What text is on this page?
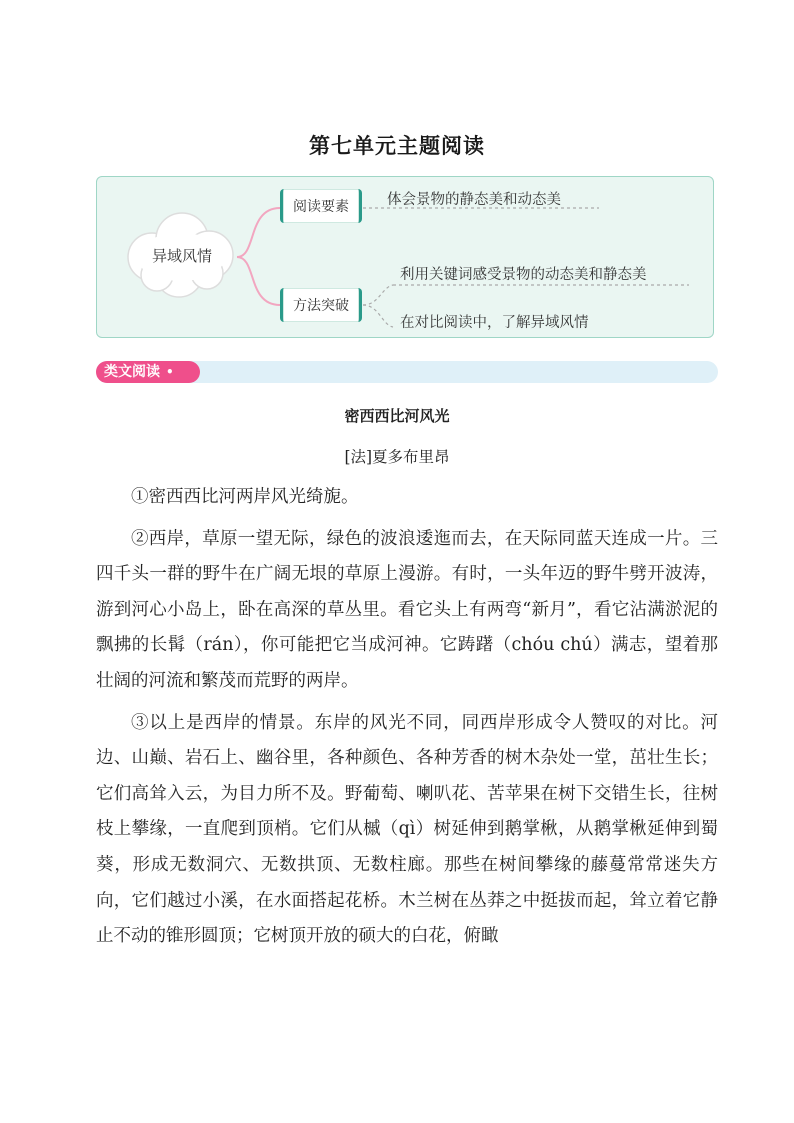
第七单元主题阅读
异域风情
阅读要素
方法突破
体会景物的静态美和动态美
利用关键词感受景物的动态美和静态美
在对比阅读中，了解异域风情
类文阅读 •
密西西比河风光
[法]夏多布里昂

①密西西比河两岸风光绮旎。

②西岸，草原一望无际，绿色的波浪逶迤而去，在天际同蓝天连成一片。三四千头一群的野牛在广阔无垠的草原上漫游。有时，一头年迈的野牛劈开波涛，游到河心小岛上，卧在高深的草丛里。看它头上有两弯“新月”，看它沾满淤泥的飘拂的长髯（rán），你可能把它当成河神。它踌躇（chóu chú）满志，望着那壮阔的河流和繁茂而荒野的两岸。

③以上是西岸的情景。东岸的风光不同，同西岸形成令人赞叹的对比。河边、山巅、岩石上、幽谷里，各种颜色、各种芳香的树木杂处一堂，茁壮生长；它们高耸入云，为目力所不及。野葡萄、喇叭花、苦苹果在树下交错生长，往树枝上攀缘，一直爬到顶梢。它们从槭（qì）树延伸到鹅掌楸，从鹅掌楸延伸到蜀葵，形成无数洞穴、无数拱顶、无数柱廊。那些在树间攀缘的藤蔓常常迷失方向，它们越过小溪，在水面搭起花桥。木兰树在丛莽之中挺拔而起，耸立着它静止不动的锥形圆顶；它树顶开放的硕大的白花，俯瞰
